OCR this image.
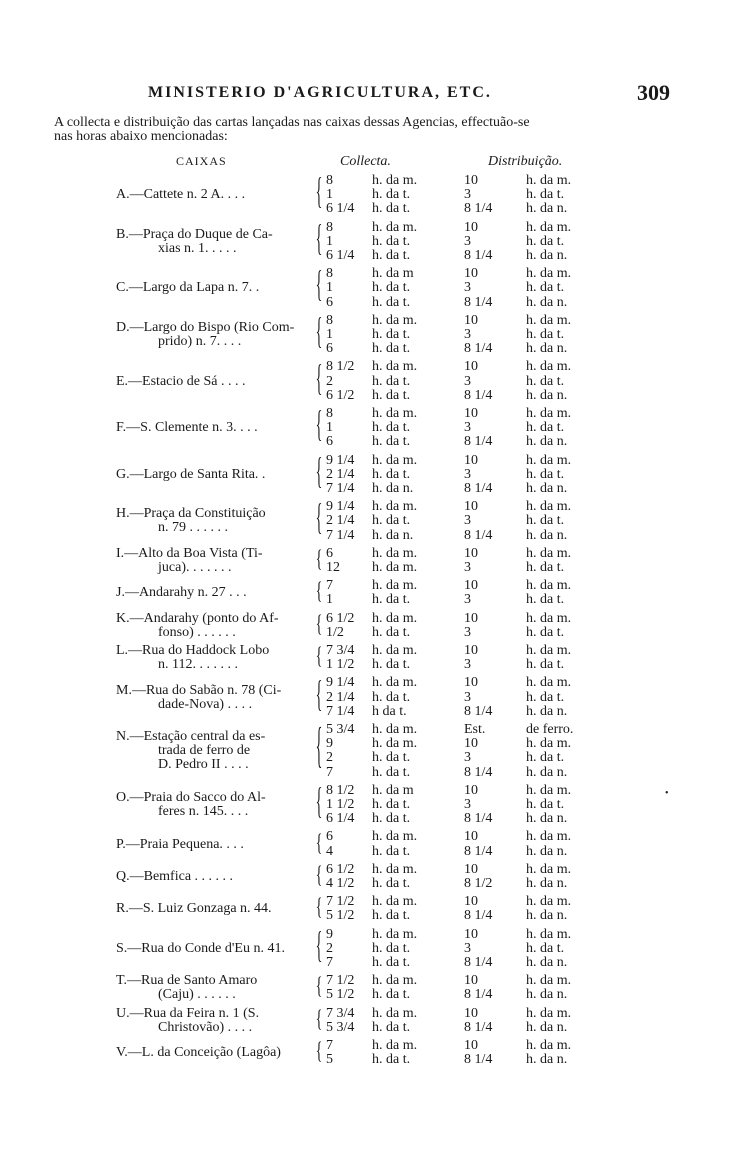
MINISTERIO D'AGRICULTURA, ETC.	309
A collecta e distribuição das cartas lançadas nas caixas dessas Agencias, effectuão-se
nas horas abaixo mencionadas:
CAIXAS	Collecta.	Distribuição.
A.—Cattete n. 2 A. . . .	{ 8	h. da m.	10	h. da m.
1	h. da t.	3	h. da t.
6 1/4	h. da t.	8 1/4	h. da n.
B.—Praça do Duque de Ca-
xias n. 1. . . . .	{ 8	h. da m.	10	h. da m.
1	h. da t.	3	h. da t.
6 1/4	h. da t.	8 1/4	h. da n.
C.—Largo da Lapa n. 7. .	{ 8	h. da m	10	h. da m.
1	h. da t.	3	h. da t.
6	h. da t.	8 1/4	h. da n.
D.—Largo do Bispo (Rio Com-
prido) n. 7. . . .	{ 8	h. da m.	10	h. da m.
1	h. da t.	3	h. da t.
6	h. da t.	8 1/4	h. da n.
E.—Estacio de Sá . . . .	{ 8 1/2	h. da m.	10	h. da m.
2	h. da t.	3	h. da t.
6 1/2	h. da t.	8 1/4	h. da n.
F.—S. Clemente n. 3. . . .	{ 8	h. da m.	10	h. da m.
1	h. da t.	3	h. da t.
6	h. da t.	8 1/4	h. da n.
G.—Largo de Santa Rita. .	{ 9 1/4	h. da m.	10	h. da m.
2 1/4	h. da t.	3	h. da t.
7 1/4	h. da n.	8 1/4	h. da n.
H.—Praça da Constituição
n. 79 . . . . . .	{ 9 1/4	h. da m.	10	h. da m.
2 1/4	h. da t.	3	h. da t.
7 1/4	h. da n.	8 1/4	h. da n.
I.—Alto da Boa Vista (Ti-
juca). . . . . . .	{ 6	h. da m.	10	h. da m.
12	h. da m.	3	h. da t.
J.—Andarahy n. 27 . . .	{ 7	h. da m.	10	h. da m.
1	h. da t.	3	h. da t.
K.—Andarahy (ponto do Af-
fonso) . . . . . .	{ 6 1/2	h. da m.	10	h. da m.
1/2	h. da t.	3	h. da t.
L.—Rua do Haddock Lobo
n. 112. . . . . . .	{ 7 3/4	h. da m.	10	h. da m.
1 1/2	h. da t.	3	h. da t.
M.—Rua do Sabão n. 78 (Ci-
dade-Nova) . . . .	{ 9 1/4	h. da m.	10	h. da m.
2 1/4	h. da t.	3	h. da t.
7 1/4	h da t.	8 1/4	h. da n.
N.—Estação central da es-
trada de ferro de
D. Pedro II . . . .	{ 5 3/4	h. da m.	Est.	de ferro.
9	h. da m.	10	h. da m.
2	h. da t.	3	h. da t.
7	h. da t.	8 1/4	h. da n.
O.—Praia do Sacco do Al-
feres n. 145. . . .	{ 8 1/2	h. da m	10	h. da m.
1 1/2	h. da t.	3	h. da t.
6 1/4	h. da t.	8 1/4	h. da n.
P.—Praia Pequena. . . .	{ 6	h. da m.	10	h. da m.
4	h. da t.	8 1/4	h. da n.
Q.—Bemfica . . . . . .	{ 6 1/2	h. da m.	10	h. da m.
4 1/2	h. da t.	8 1/2	h. da n.
R.—S. Luiz Gonzaga n. 44.	{ 7 1/2	h. da m.	10	h. da m.
5 1/2	h. da t.	8 1/4	h. da n.
S.—Rua do Conde d'Eu n. 41.	{ 9	h. da m.	10	h. da m.
2	h. da t.	3	h. da t.
7	h. da t.	8 1/4	h. da n.
T.—Rua de Santo Amaro
(Caju) . . . . . .	{ 7 1/2	h. da m.	10	h. da m.
5 1/2	h. da t.	8 1/4	h. da n.
U.—Rua da Feira n. 1 (S.
Christovão) . . . .	{ 7 3/4	h. da m.	10	h. da m.
5 3/4	h. da t.	8 1/4	h. da n.
V.—L. da Conceição (Lagôa)	{ 7	h. da m.	10	h. da m.
5	h. da t.	8 1/4	h. da n.
•
